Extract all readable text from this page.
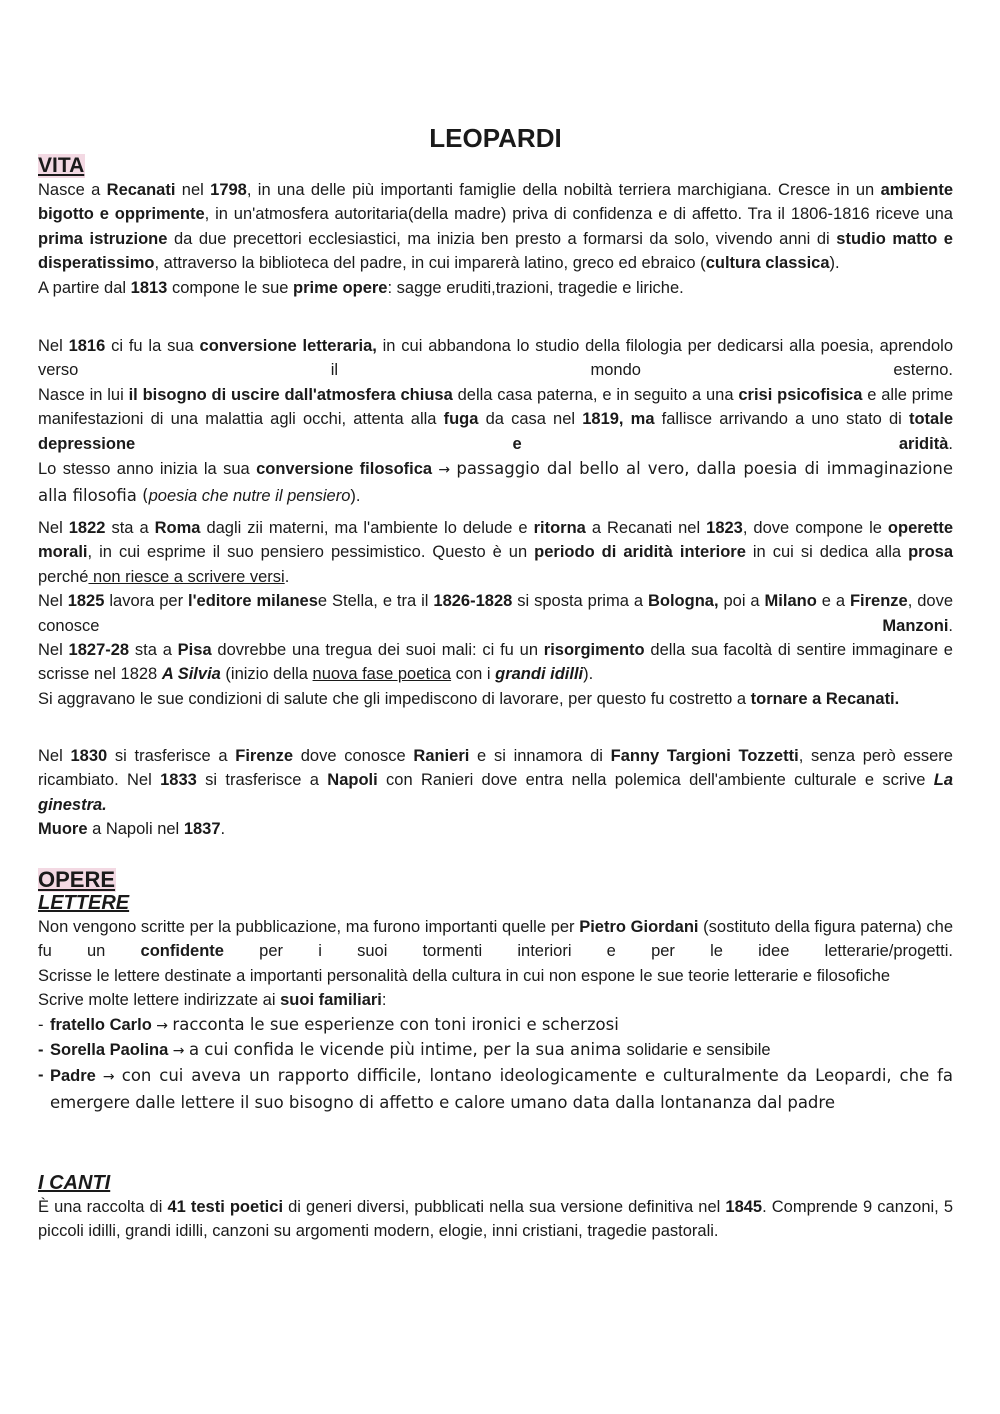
LEOPARDI
VITA

Nasce a Recanati nel 1798, in una delle più importanti famiglie della nobiltà terriera marchigiana. Cresce in un ambiente bigotto e opprimente, in un'atmosfera autoritaria(della madre) priva di confidenza e di affetto. Tra il 1806-1816 riceve una prima istruzione da due precettori ecclesiastici, ma inizia ben presto a formarsi da solo, vivendo anni di studio matto e disperatissimo, attraverso la biblioteca del padre, in cui imparerà latino, greco ed ebraico (cultura classica).

A partire dal 1813 compone le sue prime opere: sagge eruditi,trazioni, tragedie e liriche.

Nel 1816 ci fu la sua conversione letteraria, in cui abbandona lo studio della filologia per dedicarsi alla poesia, aprendolo verso il mondo esterno.

Nasce in lui il bisogno di uscire dall'atmosfera chiusa della casa paterna, e in seguito a una crisi psicofisica e alle prime manifestazioni di una malattia agli occhi, attenta alla fuga da casa nel 1819, ma fallisce arrivando a uno stato di totale depressione e aridità.

Lo stesso anno inizia la sua conversione filosofica → passaggio dal bello al vero, dalla poesia di immaginazione alla filosofia (poesia che nutre il pensiero).

Nel 1822 sta a Roma dagli zii materni, ma l'ambiente lo delude e ritorna a Recanati nel 1823, dove compone le operette morali, in cui esprime il suo pensiero pessimistico. Questo è un periodo di aridità interiore in cui si dedica alla prosa perché non riesce a scrivere versi.

Nel 1825 lavora per l'editore milanese Stella, e tra il 1826-1828 si sposta prima a Bologna, poi a Milano e a Firenze, dove conosce Manzoni.

Nel 1827-28 sta a Pisa dovrebbe una tregua dei suoi mali: ci fu un risorgimento della sua facoltà di sentire immaginare e scrisse nel 1828 A Silvia (inizio della nuova fase poetica con i grandi idilli).

Si aggravano le sue condizioni di salute che gli impediscono di lavorare, per questo fu costretto a tornare a Recanati.

Nel 1830 si trasferisce a Firenze dove conosce Ranieri e si innamora di Fanny Targioni Tozzetti, senza però essere ricambiato. Nel 1833 si trasferisce a Napoli con Ranieri dove entra nella polemica dell'ambiente culturale e scrive La ginestra.

Muore a Napoli nel 1837.

OPERE
LETTERE

Non vengono scritte per la pubblicazione, ma furono importanti quelle per Pietro Giordani (sostituto della figura paterna) che fu un confidente per i suoi tormenti interiori e per le idee letterarie/progetti.

Scrisse le lettere destinate a importanti personalità della cultura in cui non espone le sue teorie letterarie e filosofiche

Scrive molte lettere indirizzate ai suoi familiari:

- fratello Carlo → racconta le sue esperienze con toni ironici e scherzosi
- Sorella Paolina → a cui confida le vicende più intime, per la sua anima solidarie e sensibile
- Padre → con cui aveva un rapporto difficile, lontano ideologicamente e culturalmente da Leopardi, che fa emergere dalle lettere il suo bisogno di affetto e calore umano data dalla lontananza dal padre
I CANTI

È una raccolta di 41 testi poetici di generi diversi, pubblicati nella sua versione definitiva nel 1845. Comprende 9 canzoni, 5 piccoli idilli, grandi idilli, canzoni su argomenti modern, elogie, inni cristiani, tragedie pastorali.
